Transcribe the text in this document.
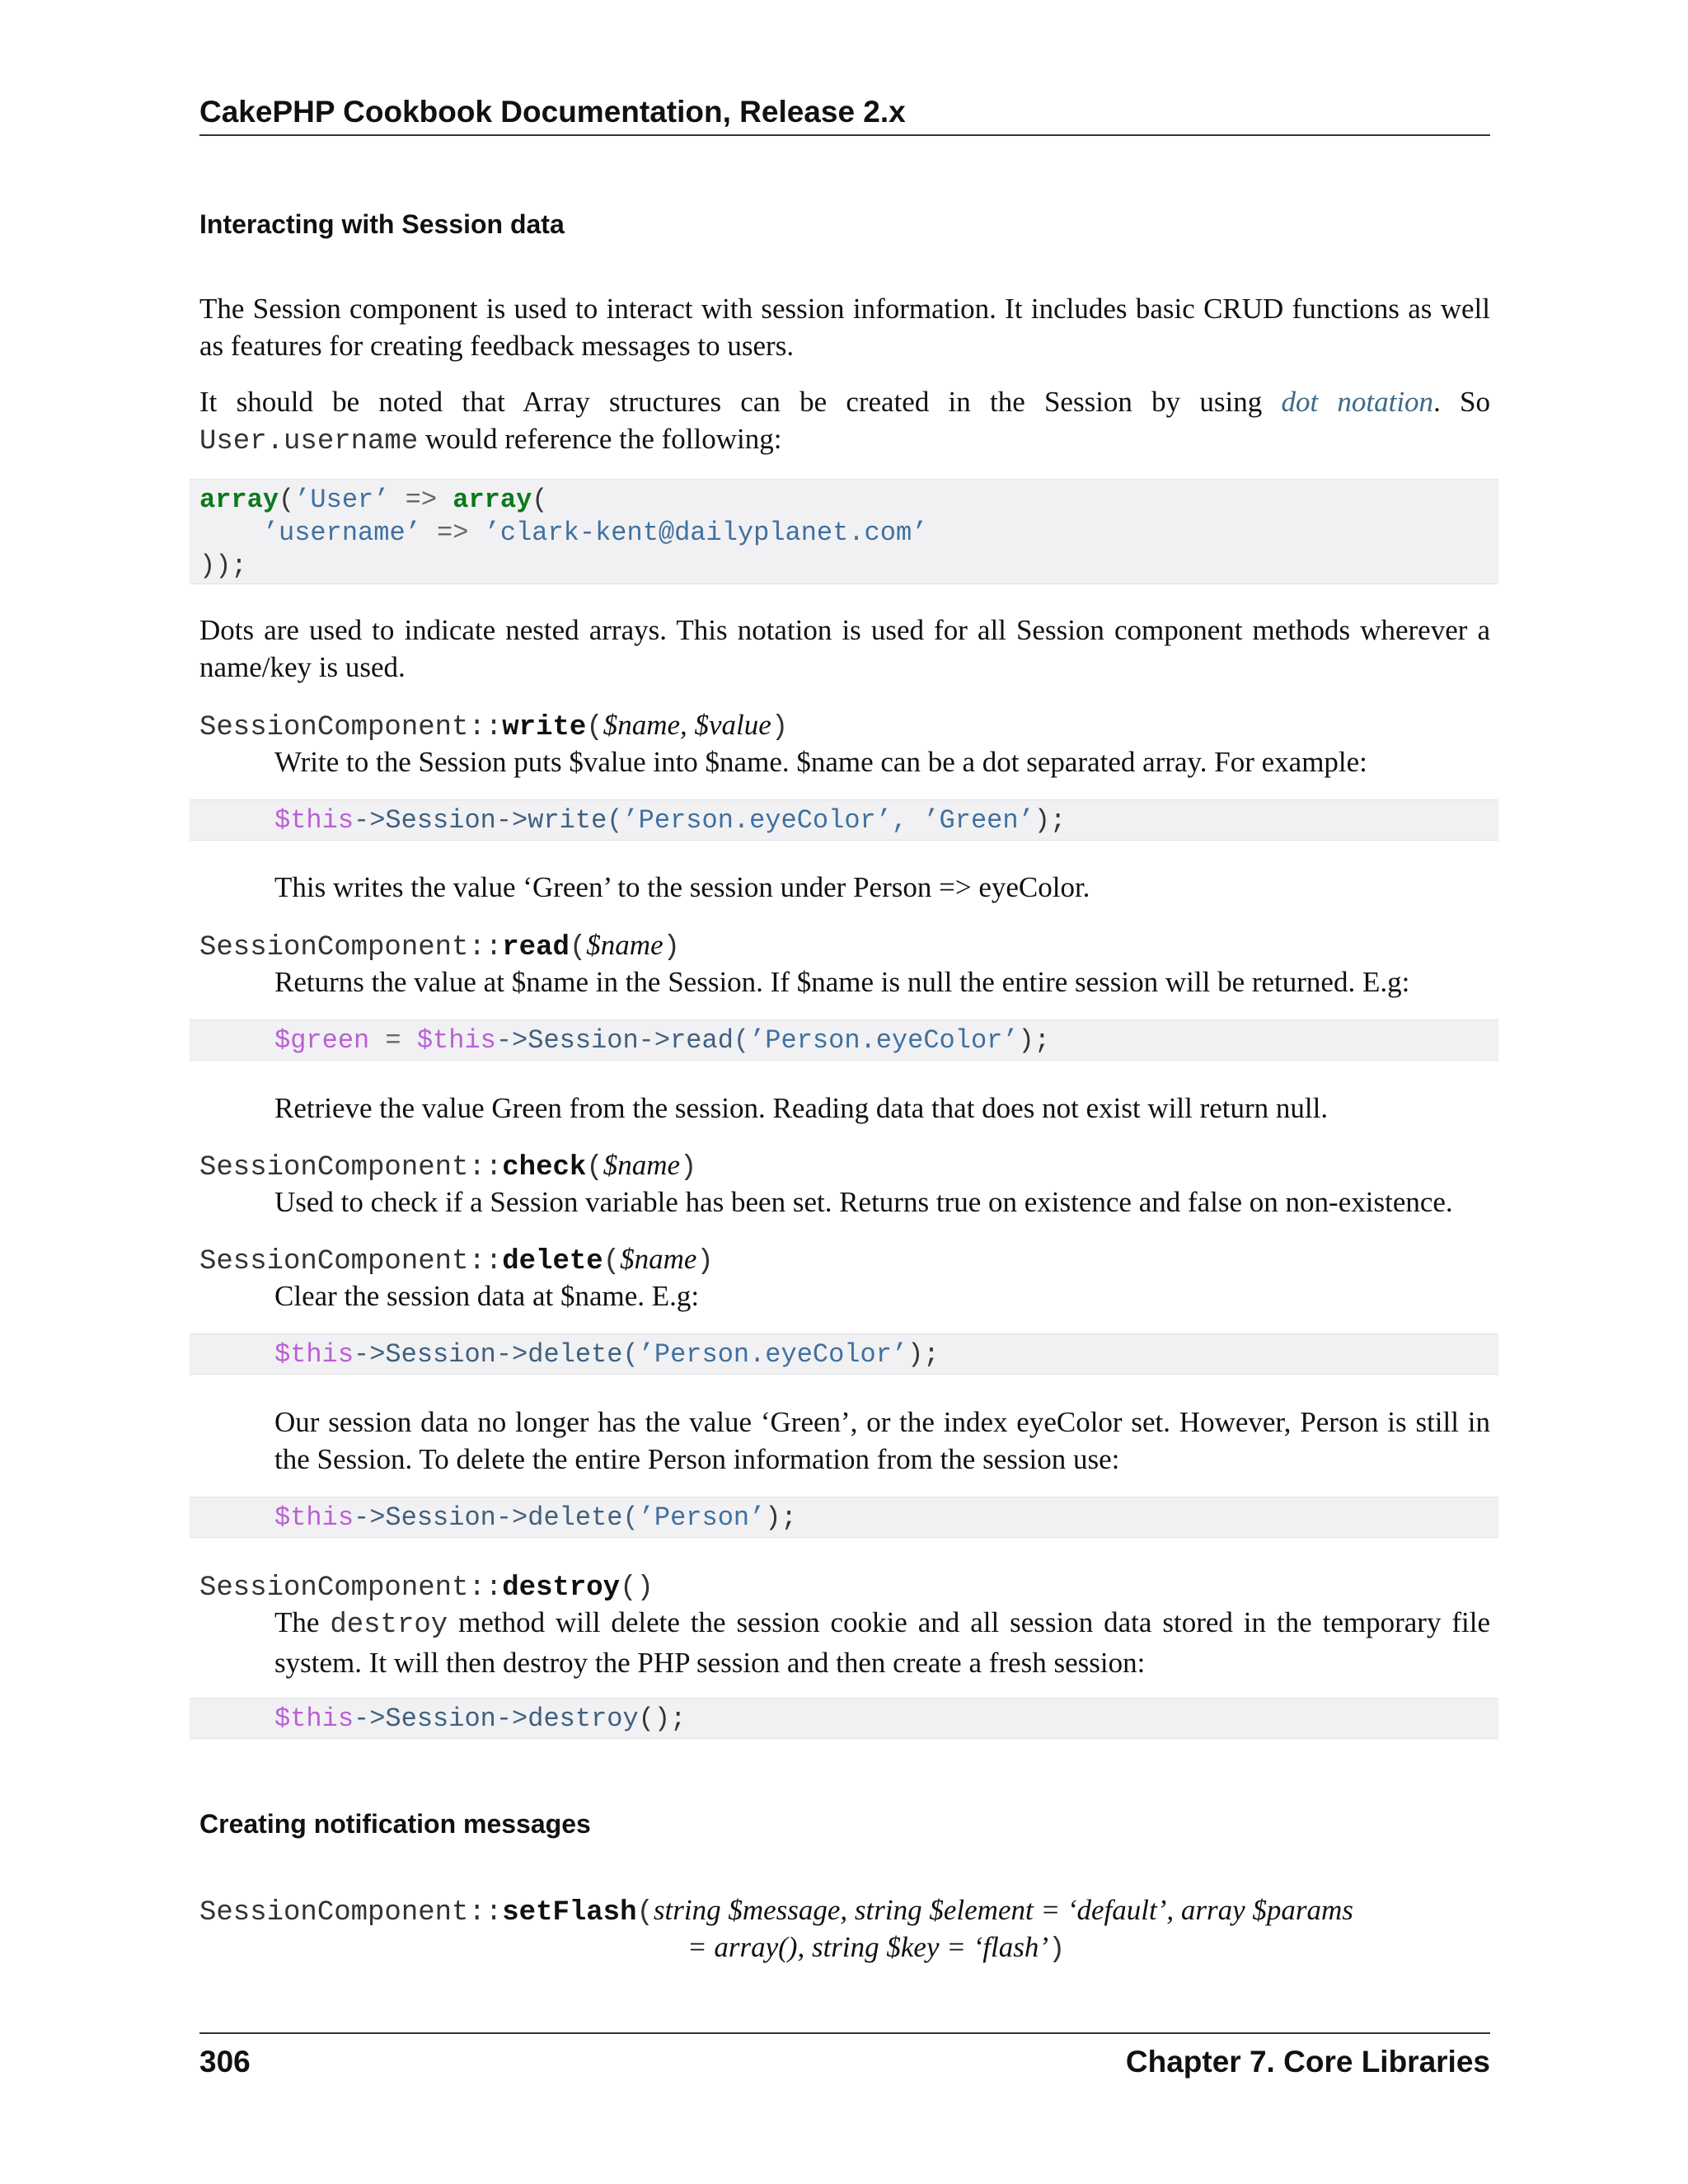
CakePHP Cookbook Documentation, Release 2.x
Interacting with Session data

The Session component is used to interact with session information. It includes basic CRUD functions as well as features for creating feedback messages to users.

It should be noted that Array structures can be created in the Session by using dot notation. So User.username would reference the following:

array(’User’ => array(
’username’ => ’clark-kent@dailyplanet.com’
));

Dots are used to indicate nested arrays. This notation is used for all Session component methods wherever a name/key is used.

SessionComponent::write($name, $value)

Write to the Session puts $value into $name. $name can be a dot separated array. For example:

$this->Session->write(’Person.eyeColor’, ’Green’);

This writes the value ‘Green’ to the session under Person => eyeColor.

SessionComponent::read($name)

Returns the value at $name in the Session. If $name is null the entire session will be returned. E.g:

$green = $this->Session->read(’Person.eyeColor’);

Retrieve the value Green from the session. Reading data that does not exist will return null.

SessionComponent::check($name)

Used to check if a Session variable has been set. Returns true on existence and false on non-existence.

SessionComponent::delete($name)

Clear the session data at $name. E.g:

$this->Session->delete(’Person.eyeColor’);

Our session data no longer has the value ‘Green’, or the index eyeColor set. However, Person is still in the Session. To delete the entire Person information from the session use:

$this->Session->delete(’Person’);
SessionComponent::destroy()

The destroy method will delete the session cookie and all session data stored in the temporary file system. It will then destroy the PHP session and then create a fresh session:

$this->Session->destroy();
Creating notification messages
SessionComponent::setFlash(string $message, string $element = ‘default’, array $params
= array(), string $key = ‘flash’)
306	Chapter 7. Core Libraries
